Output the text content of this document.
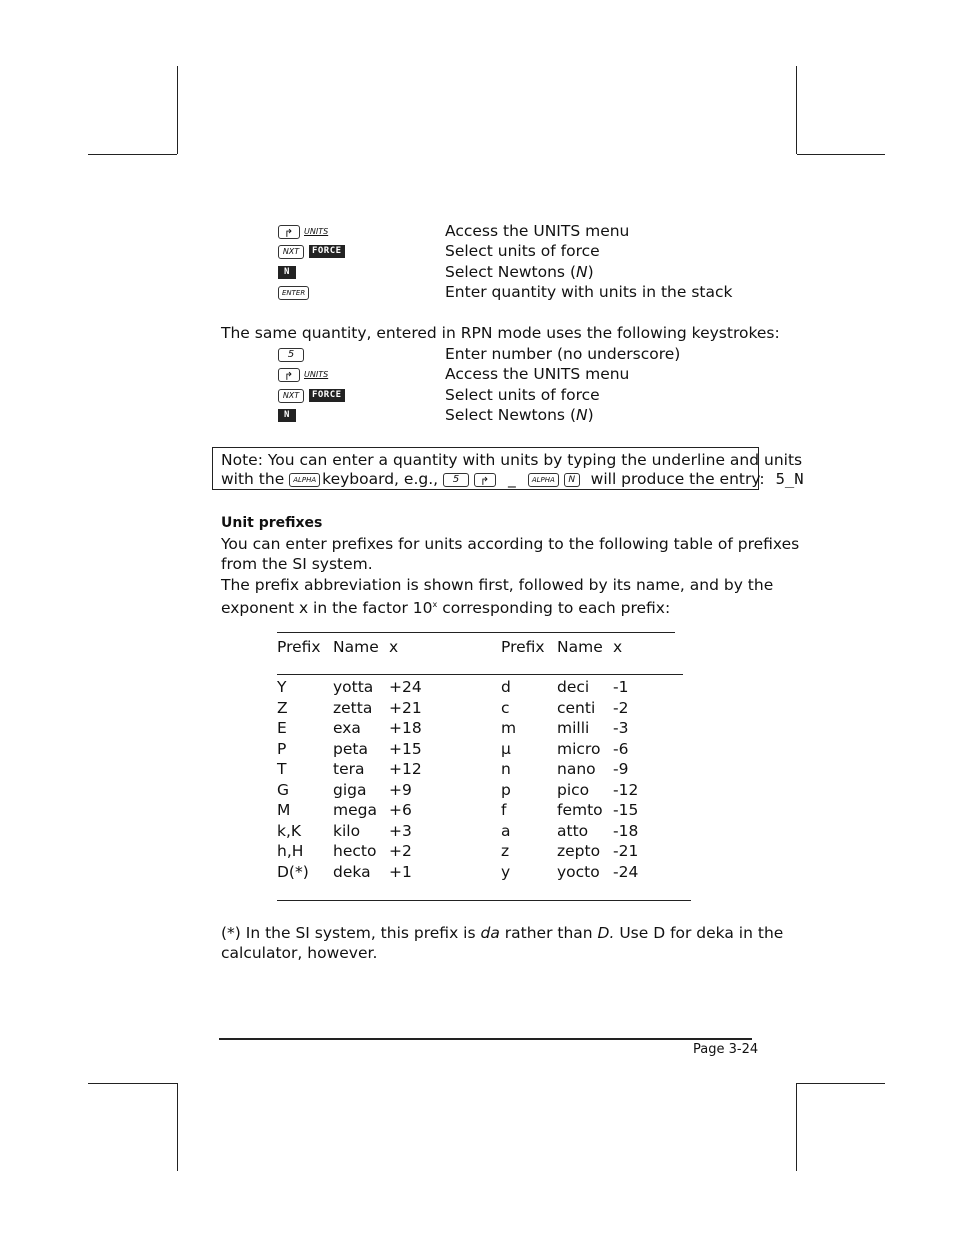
↱UNITS	Access the UNITS menu
NXT FORCE	Select units of force
N	Select Newtons (N)
ENTER	Enter quantity with units in the stack
The same quantity, entered in RPN mode uses the following keystrokes:
5	Enter number (no underscore)
↱UNITS	Access the UNITS menu
NXT FORCE	Select units of force
N	Select Newtons (N)
Note: You can enter a quantity with units by typing the underline and units
with the ALPHA keyboard, e.g., 5 ↱	_ ALPHA N will produce the entry: 5_N
Unit prefixes
You can enter prefixes for units according to the following table of prefixes
from the SI system.
The prefix abbreviation is shown first, followed by its name, and by the
exponent x in the factor 10$^x$ corresponding to each prefix:
Prefix Name x	Prefix Name x
Y	yotta +24	d	deci -1
Z	zetta +21	c	centi -2
E	exa +18	m	milli -3
P	peta +15	μ	micro -6
T	tera +12	n	nano -9
G	giga +9	p	pico -12
M	mega +6	f	femto -15
k,K kilo +3	a	atto -18
h,H hecto +2	z	zepto -21
D(*) deka +1	y	yocto -24
(*) In the SI system, this prefix is da rather than D. Use D for deka in the
calculator, however.
Page 3-24
